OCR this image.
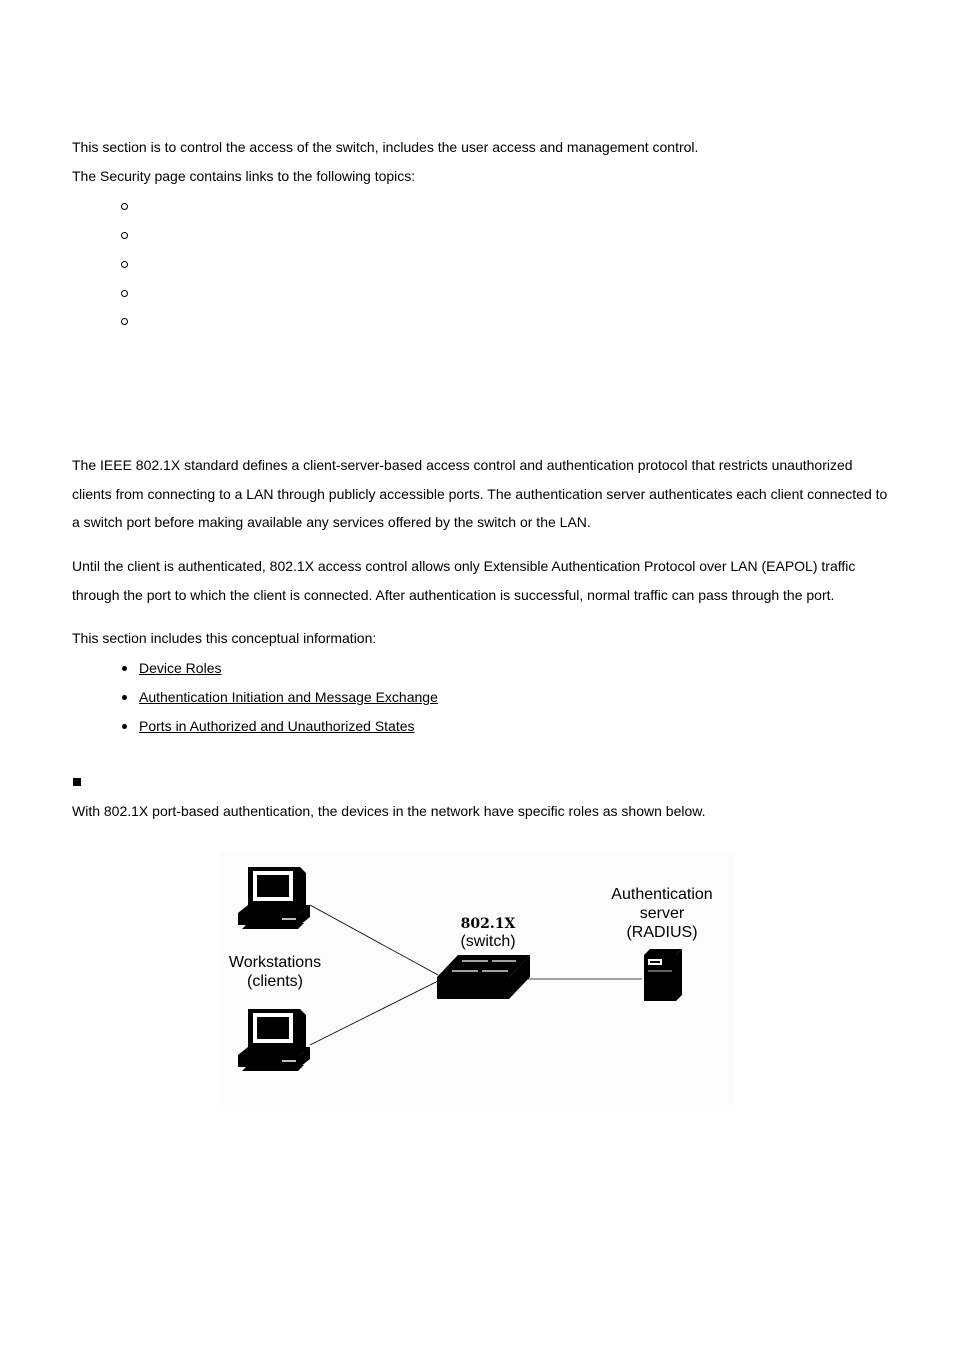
This section is to control the access of the switch, includes the user access and management control.
The Security page contains links to the following topics:

The IEEE 802.1X standard defines a client-server-based access control and authentication protocol that restricts unauthorized clients from connecting to a LAN through publicly accessible ports. The authentication server authenticates each client connected to a switch port before making available any services offered by the switch or the LAN.

Until the client is authenticated, 802.1X access control allows only Extensible Authentication Protocol over LAN (EAPOL) traffic through the port to which the client is connected. After authentication is successful, normal traffic can pass through the port.

This section includes this conceptual information:
Device Roles
Authentication Initiation and Message Exchange
Ports in Authorized and Unauthorized States
With 802.1X port-based authentication, the devices in the network have specific roles as shown below.
Workstations
(clients)
802.1X
(switch)
Authentication
server
(RADIUS)
